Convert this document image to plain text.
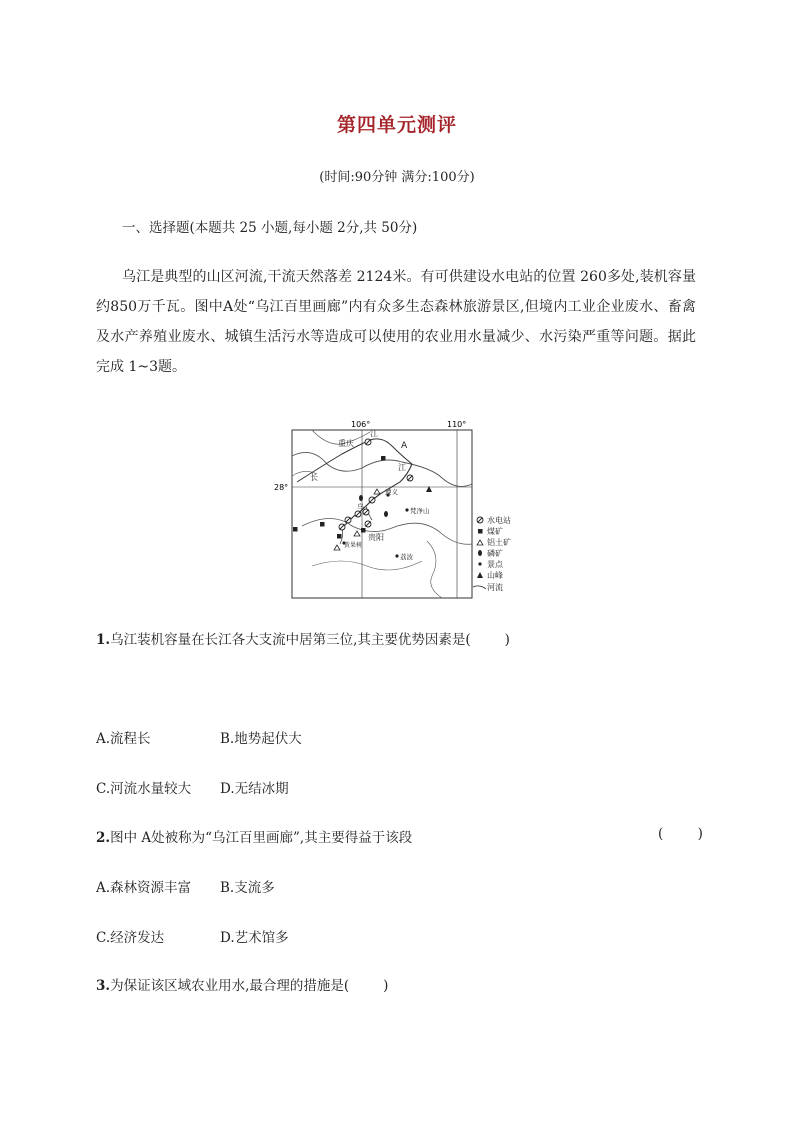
第四单元测评
(时间:90分钟 满分:100分)
一、选择题(本题共 25 小题,每小题 2分,共 50分)
乌江是典型的山区河流,干流天然落差 2124米。有可供建设水电站的位置 260多处,装机容量约850万千瓦。图中A处“乌江百里画廊”内有众多生态森林旅游景区,但境内工业企业废水、畜禽及水产养殖业废水、城镇生活污水等造成可以使用的农业用水量减少、水污染严重等问题。据此完成 1~3题。
106°	110°
28°
重庆
江
A
江
长
遵义
梵净山
乌
贵阳
黄果树
荔波
水电站
煤矿
铝土矿
磷矿
景点
山峰
河流
1.乌江装机容量在长江各大支流中居第三位,其主要优势因素是(	)
A.流程长	B.地势起伏大
C.河流水量较大 D.无结冰期
2.图中 A处被称为“乌江百里画廊”,其主要得益于该段	(        )
A.森林资源丰富 B.支流多
C.经济发达	D.艺术馆多
3.为保证该区域农业用水,最合理的措施是(	)
